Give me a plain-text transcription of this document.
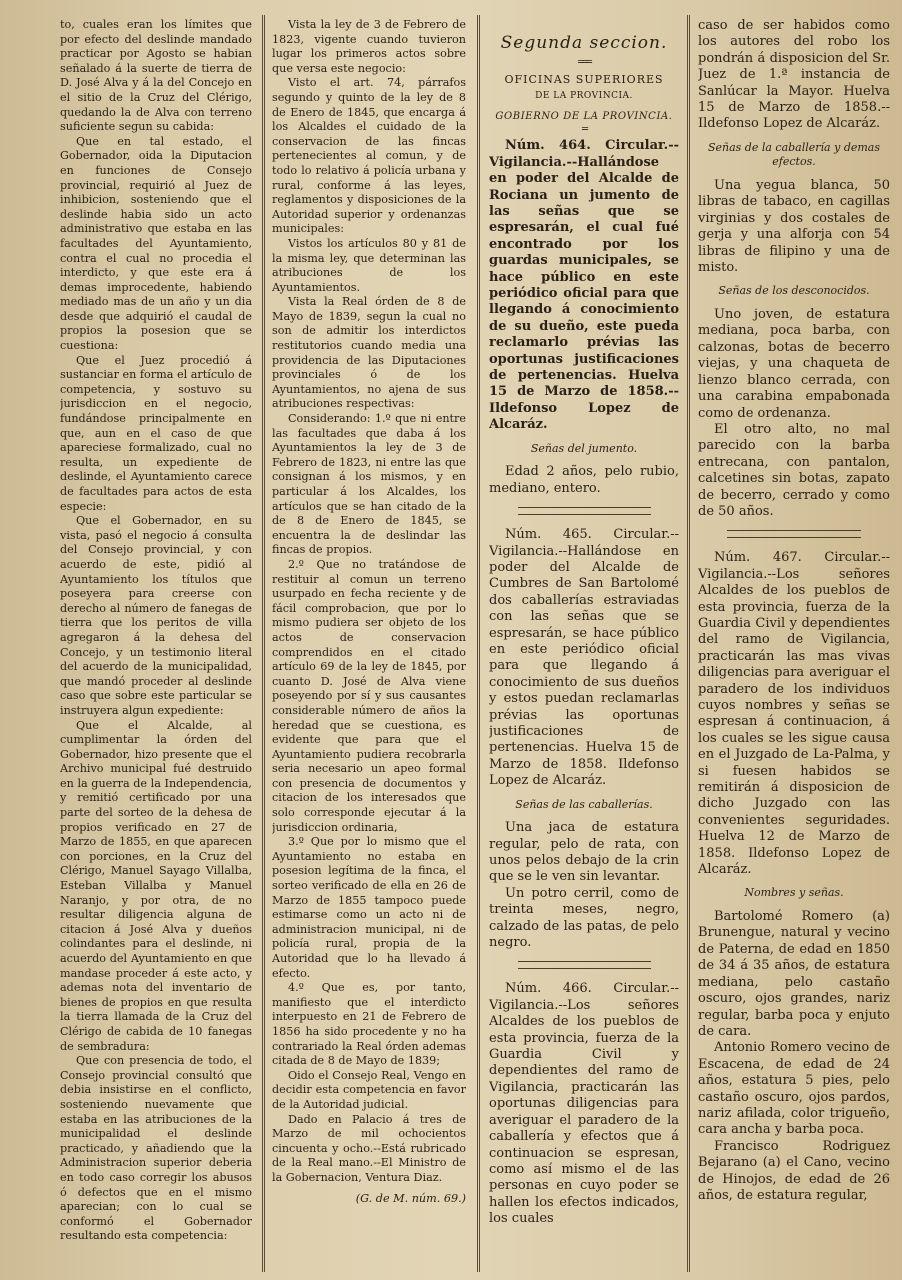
to, cuales eran los límites que por efecto del deslinde mandado practicar por Agosto se habian señalado á la suerte de tierra de D. José Alva y á la del Concejo en el sitio de la Cruz del Clérigo, quedando la de Alva con terreno suficiente segun su cabida:

Que en tal estado, el Gobernador, oida la Diputacion en funciones de Consejo provincial, requirió al Juez de inhibicion, sosteniendo que el deslinde habia sido un acto administrativo que estaba en las facultades del Ayuntamiento, contra el cual no procedia el interdicto, y que este era á demas improcedente, habiendo mediado mas de un año y un dia desde que adquirió el caudal de propios la posesion que se cuestiona:

Que el Juez procedió á sustanciar en forma el artículo de competencia, y sostuvo su jurisdiccion en el negocio, fundándose principalmente en que, aun en el caso de que apareciese formalizado, cual no resulta, un expediente de deslinde, el Ayuntamiento carece de facultades para actos de esta especie:

Que el Gobernador, en su vista, pasó el negocio á consulta del Consejo provincial, y con acuerdo de este, pidió al Ayuntamiento los títulos que poseyera para creerse con derecho al número de fanegas de tierra que los peritos de villa agregaron á la dehesa del Concejo, y un testimonio literal del acuerdo de la municipalidad, que mandó proceder al deslinde caso que sobre este particular se instruyera algun expediente:

Que el Alcalde, al cumplimentar la órden del Gobernador, hizo presente que el Archivo municipal fué destruido en la guerra de la Independencia, y remitió certificado por una parte del sorteo de la dehesa de propios verificado en 27 de Marzo de 1855, en que aparecen con porciones, en la Cruz del Clérigo, Manuel Sayago Villalba, Esteban Villalba y Manuel Naranjo, y por otra, de no resultar diligencia alguna de citacion á José Alva y dueños colindantes para el deslinde, ni acuerdo del Ayuntamiento en que mandase proceder á este acto, y ademas nota del inventario de bienes de propios en que resulta la tierra llamada de la Cruz del Clérigo de cabida de 10 fanegas de sembradura:

Que con presencia de todo, el Consejo provincial consultó que debia insistirse en el conflicto, sosteniendo nuevamente que estaba en las atribuciones de la municipalidad el deslinde practicado, y añadiendo que la Administracion superior deberia en todo caso corregir los abusos ó defectos que en el mismo aparecian; con lo cual se conformó el Gobernador resultando esta competencia:

Vista la ley de 3 de Febrero de 1823, vigente cuando tuvieron lugar los primeros actos sobre que versa este negocio:

Visto el art. 74, párrafos segundo y quinto de la ley de 8 de Enero de 1845, que encarga á los Alcaldes el cuidado de la conservacion de las fincas pertenecientes al comun, y de todo lo relativo á policía urbana y rural, conforme á las leyes, reglamentos y disposiciones de la Autoridad superior y ordenanzas municipales:

Vistos los artículos 80 y 81 de la misma ley, que determinan las atribuciones de los Ayuntamientos.

Vista la Real órden de 8 de Mayo de 1839, segun la cual no son de admitir los interdictos restitutorios cuando media una providencia de las Diputaciones provinciales ó de los Ayuntamientos, no ajena de sus atribuciones respectivas:

Considerando: 1.º que ni entre las facultades que daba á los Ayuntamientos la ley de 3 de Febrero de 1823, ni entre las que consignan á los mismos, y en particular á los Alcaldes, los artículos que se han citado de la de 8 de Enero de 1845, se encuentra la de deslindar las fincas de propios.

2.º Que no tratándose de restituir al comun un terreno usurpado en fecha reciente y de fácil comprobacion, que por lo mismo pudiera ser objeto de los actos de conservacion comprendidos en el citado artículo 69 de la ley de 1845, por cuanto D. José de Alva viene poseyendo por sí y sus causantes considerable número de años la heredad que se cuestiona, es evidente que para que el Ayuntamiento pudiera recobrarla seria necesario un apeo formal con presencia de documentos y citacion de los interesados que solo corresponde ejecutar á la jurisdiccion ordinaria,

3.º Que por lo mismo que el Ayuntamiento no estaba en posesion legítima de la finca, el sorteo verificado de ella en 26 de Marzo de 1855 tampoco puede estimarse como un acto ni de administracion municipal, ni de policía rural, propia de la Autoridad que lo ha llevado á efecto.

4.º Que es, por tanto, manifiesto que el interdicto interpuesto en 21 de Febrero de 1856 ha sido procedente y no ha contrariado la Real órden ademas citada de 8 de Mayo de 1839;

Oido el Consejo Real, Vengo en decidir esta competencia en favor de la Autoridad judicial.

Dado en Palacio á tres de Marzo de mil ochocientos cincuenta y ocho.--Está rubricado de la Real mano.--El Ministro de la Gobernacion, Ventura Diaz.

(G. de M. núm. 69.)

Segunda seccion.
═══
OFICINAS SUPERIORES
DE LA PROVINCIA.
GOBIERNO DE LA PROVINCIA.
═

Núm. 464. Circular.--Vigilancia.--Hallándose en poder del Alcalde de Rociana un jumento de las señas que se espresarán, el cual fué encontrado por los guardas municipales, se hace público en este periódico oficial para que llegando á conocimiento de su dueño, este pueda reclamarlo prévias las oportunas justificaciones de pertenencias. Huelva 15 de Marzo de 1858.--Ildefonso Lopez de Alcaráz.

Señas del jumento.

Edad 2 años, pelo rubio, mediano, entero.

Núm. 465. Circular.--Vigilancia.--Hallándose en poder del Alcalde de Cumbres de San Bartolomé dos caballerías estraviadas con las señas que se espresarán, se hace público en este periódico oficial para que llegando á conocimiento de sus dueños y estos puedan reclamarlas prévias las oportunas justificaciones de pertenencias. Huelva 15 de Marzo de 1858. Ildefonso Lopez de Alcaráz.

Señas de las caballerías.

Una jaca de estatura regular, pelo de rata, con unos pelos debajo de la crin que se le ven sin levantar.

Un potro cerril, como de treinta meses, negro, calzado de las patas, de pelo negro.

Núm. 466. Circular.--Vigilancia.--Los señores Alcaldes de los pueblos de esta provincia, fuerza de la Guardia Civil y dependientes del ramo de Vigilancia, practicarán las oportunas diligencias para averiguar el paradero de la caballería y efectos que á continuacion se espresan, como así mismo el de las personas en cuyo poder se hallen los efectos indicados, los cuales

caso de ser habidos como los autores del robo los pondrán á disposicion del Sr. Juez de 1.ª instancia de Sanlúcar la Mayor. Huelva 15 de Marzo de 1858.--Ildefonso Lopez de Alcaráz.

Señas de la caballería y demas efectos.

Una yegua blanca, 50 libras de tabaco, en cagillas virginias y dos costales de gerja y una alforja con 54 libras de filipino y una de misto.

Señas de los desconocidos.

Uno joven, de estatura mediana, poca barba, con calzonas, botas de becerro viejas, y una chaqueta de lienzo blanco cerrada, con una carabina empabonada como de ordenanza.

El otro alto, no mal parecido con la barba entrecana, con pantalon, calcetines sin botas, zapato de becerro, cerrado y como de 50 años.

Núm. 467. Circular.--Vigilancia.--Los señores Alcaldes de los pueblos de esta provincia, fuerza de la Guardia Civil y dependientes del ramo de Vigilancia, practicarán las mas vivas diligencias para averiguar el paradero de los individuos cuyos nombres y señas se espresan á continuacion, á los cuales se les sigue causa en el Juzgado de La-Palma, y si fuesen habidos se remitirán á disposicion de dicho Juzgado con las convenientes seguridades. Huelva 12 de Marzo de 1858. Ildefonso Lopez de Alcaráz.

Nombres y señas.

Bartolomé Romero (a) Brunengue, natural y vecino de Paterna, de edad en 1850 de 34 á 35 años, de estatura mediana, pelo castaño oscuro, ojos grandes, nariz regular, barba poca y enjuto de cara.

Antonio Romero vecino de Escacena, de edad de 24 años, estatura 5 pies, pelo castaño oscuro, ojos pardos, nariz afilada, color trigueño, cara ancha y barba poca.

Francisco Rodriguez Bejarano (a) el Cano, vecino de Hinojos, de edad de 26 años, de estatura regular,
